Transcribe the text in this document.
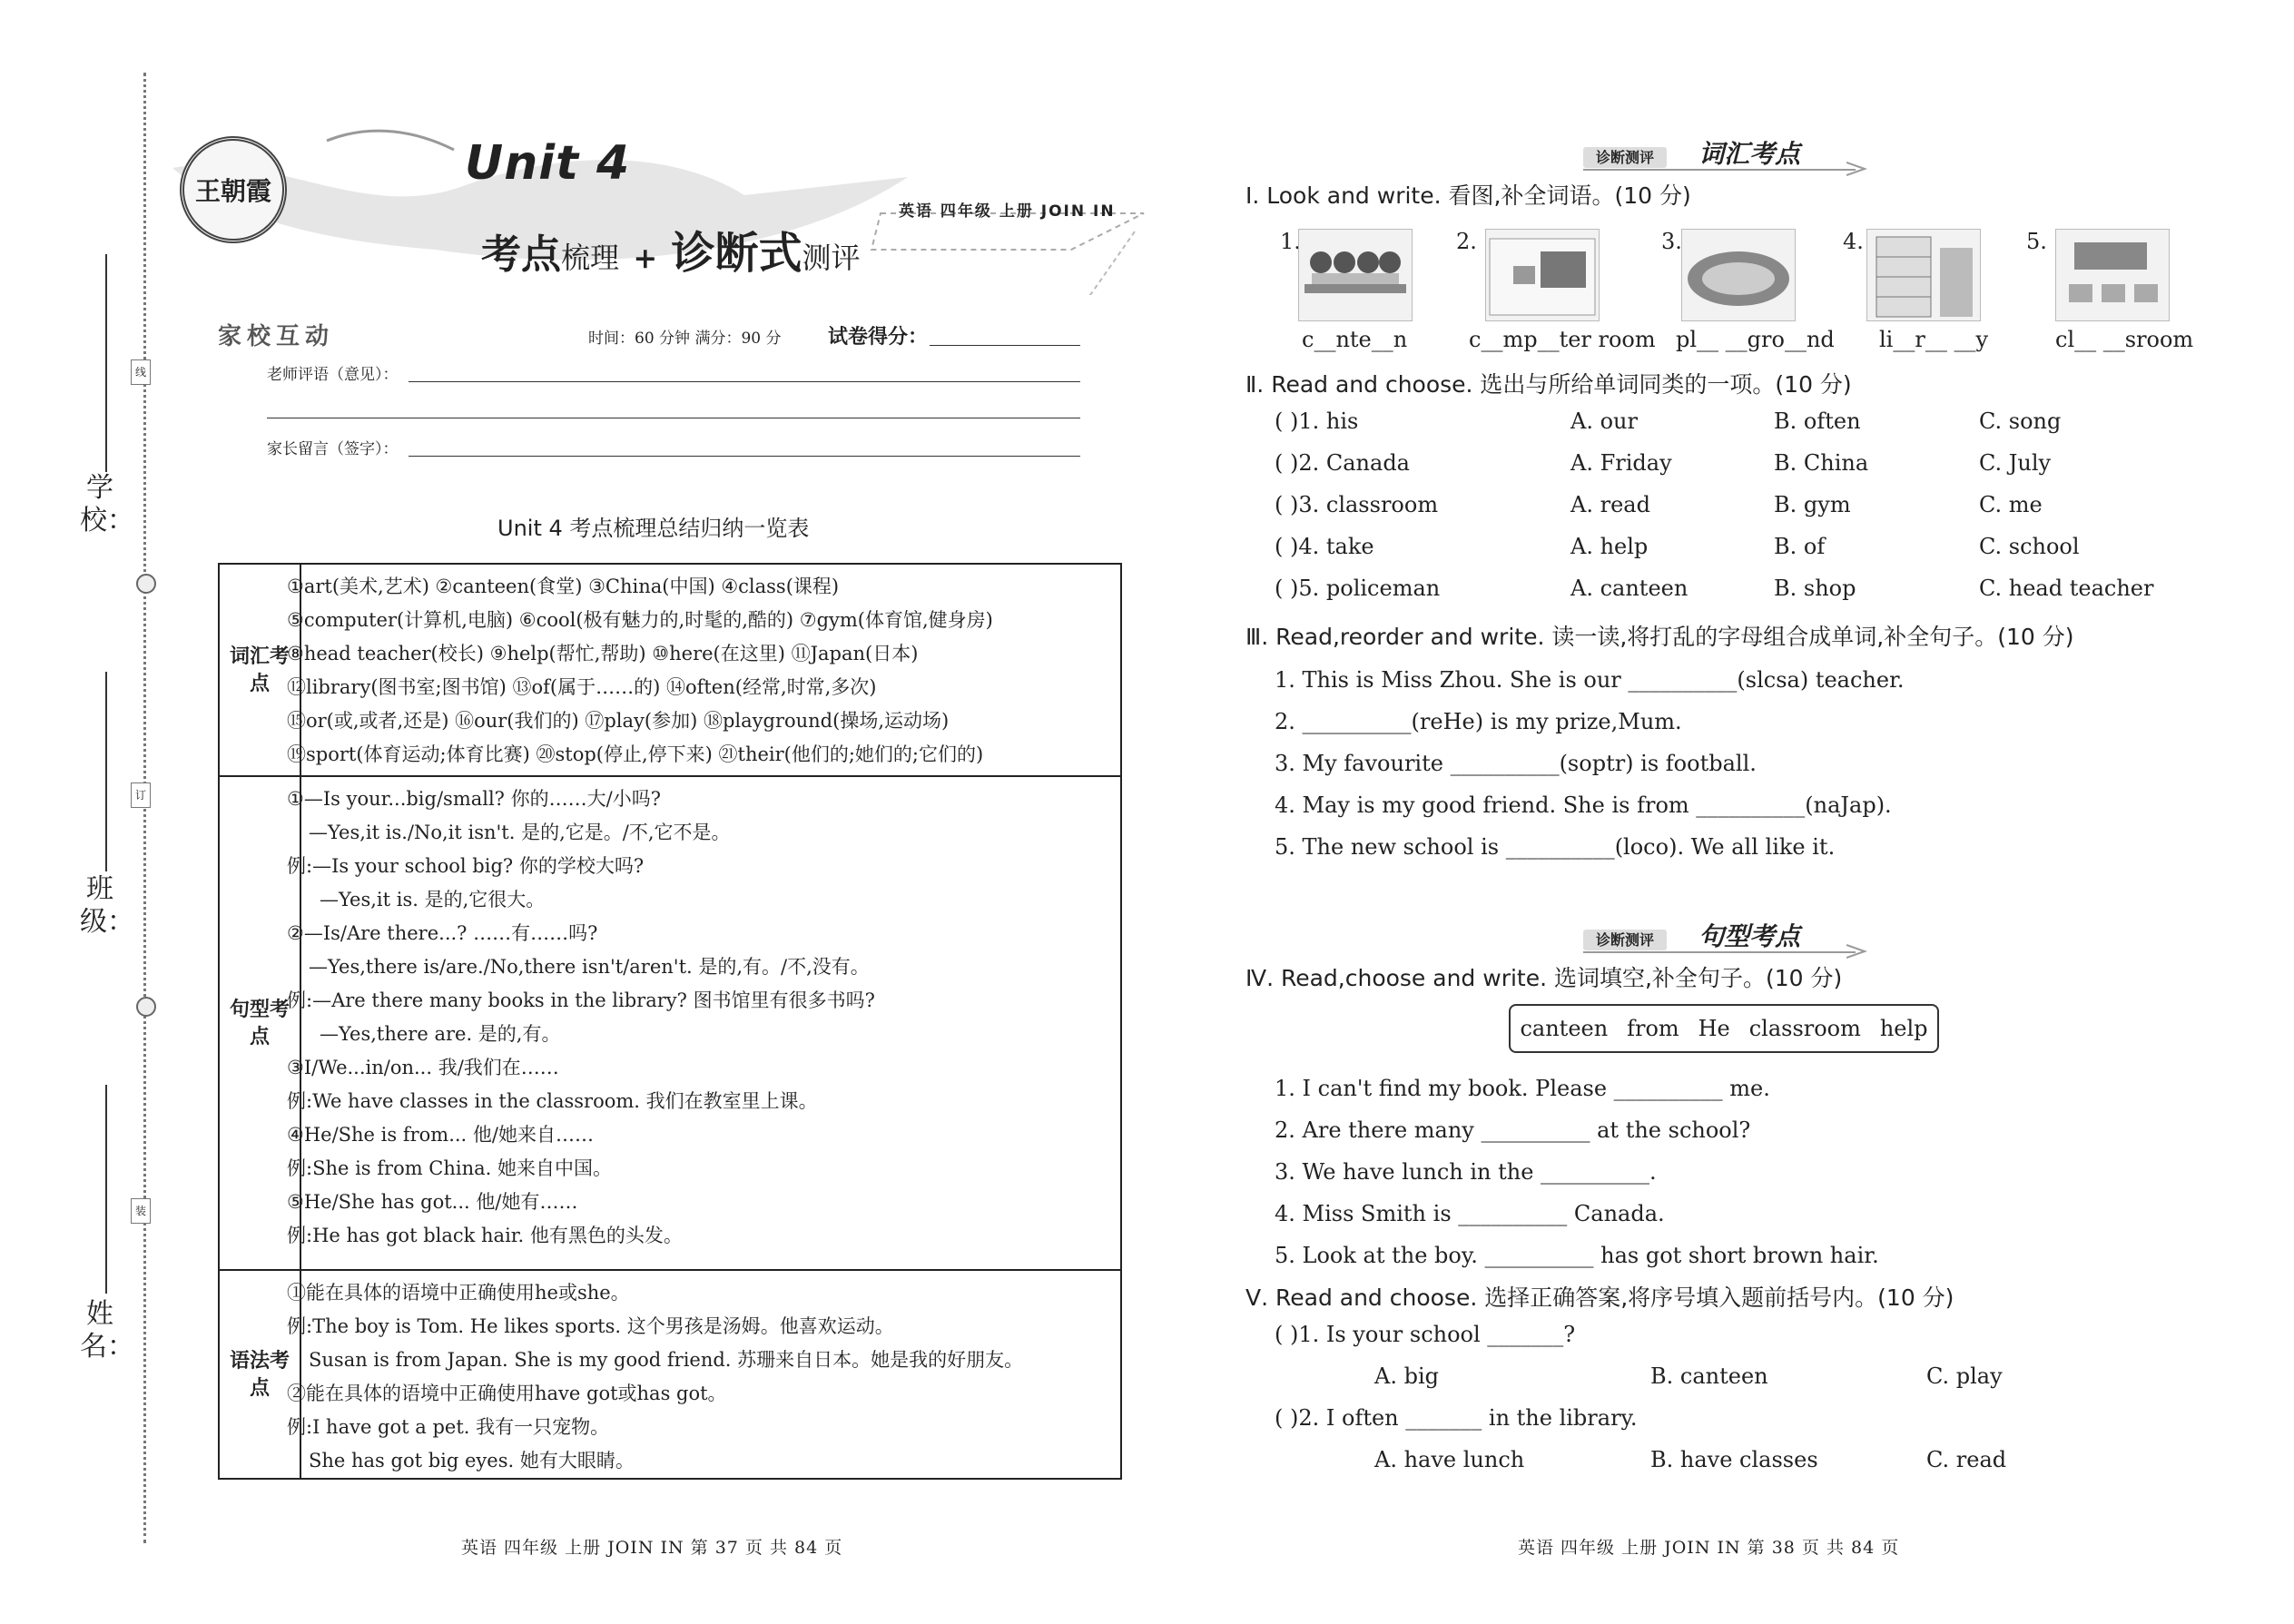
学校：
班级：
姓名：
线
订
装
王朝霞
Unit 4
考点梳理 + 诊断式测评
英语 四年级 上册 JOIN IN
家校互动	时间：60 分钟 满分：90 分 试卷得分：
老师评语（意见）：
家长留言（签字）：
Unit 4 考点梳理总结归纳一览表
词汇考点
①art(美术,艺术) ②canteen(食堂) ③China(中国) ④class(课程)
⑤computer(计算机,电脑) ⑥cool(极有魅力的,时髦的,酷的) ⑦gym(体育馆,健身房)
⑧head teacher(校长) ⑨help(帮忙,帮助) ⑩here(在这里) ⑪Japan(日本)
⑫library(图书室;图书馆) ⑬of(属于……的) ⑭often(经常,时常,多次)
⑮or(或,或者,还是) ⑯our(我们的) ⑰play(参加) ⑱playground(操场,运动场)
⑲sport(体育运动;体育比赛) ⑳stop(停止,停下来) ㉑their(他们的;她们的;它们的)
句型考点
①—Is your...big/small? 你的……大/小吗?
—Yes,it is./No,it isn't. 是的,它是。/不,它不是。
例:—Is your school big? 你的学校大吗?
—Yes,it is. 是的,它很大。
②—Is/Are there...? ……有……吗?
—Yes,there is/are./No,there isn't/aren't. 是的,有。/不,没有。
例:—Are there many books in the library? 图书馆里有很多书吗?
—Yes,there are. 是的,有。
③I/We...in/on... 我/我们在……
例:We have classes in the classroom. 我们在教室里上课。
④He/She is from... 他/她来自……
例:She is from China. 她来自中国。
⑤He/She has got... 他/她有……
例:He has got black hair. 他有黑色的头发。
语法考点
①能在具体的语境中正确使用he或she。
例:The boy is Tom. He likes sports. 这个男孩是汤姆。他喜欢运动。
Susan is from Japan. She is my good friend. 苏珊来自日本。她是我的好朋友。
②能在具体的语境中正确使用have got或has got。
例:I have got a pet. 我有一只宠物。
She has got big eyes. 她有大眼睛。
英语 四年级 上册 JOIN IN 第 37 页 共 84 页
诊断测评 词汇考点
Ⅰ. Look and write. 看图,补全词语。(10 分)
1.
c__nte__n
2.
c__mp__ter room
3.
pl__ __gro__nd
4.
li__r__ __y
5.
cl__ __sroom
Ⅱ. Read and choose. 选出与所给单词同类的一项。(10 分)
( )1. his	A. our	B. often	C. song
( )2. Canada	A. Friday	B. China	C. July
( )3. classroom	A. read	B. gym	C. me
( )4. take	A. help	B. of	C. school
( )5. policeman	A. canteen	B. shop	C. head teacher
Ⅲ. Read,reorder and write. 读一读,将打乱的字母组合成单词,补全句子。(10 分)
1. This is Miss Zhou. She is our __________(slcsa) teacher.
2. __________(reHe) is my prize,Mum.
3. My favourite __________(soptr) is football.
4. May is my good friend. She is from __________(naJap).
5. The new school is __________(loco). We all like it.
诊断测评 句型考点
Ⅳ. Read,choose and write. 选词填空,补全句子。(10 分)
canteen from He classroom help
1. I can't find my book. Please __________ me.
2. Are there many __________ at the school?
3. We have lunch in the __________.
4. Miss Smith is __________ Canada.
5. Look at the boy. __________ has got short brown hair.
Ⅴ. Read and choose. 选择正确答案,将序号填入题前括号内。(10 分)
( )1. Is your school _______?
A. big	B. canteen	C. play
( )2. I often _______ in the library.
A. have lunch	B. have classes	C. read
英语 四年级 上册 JOIN IN 第 38 页 共 84 页
